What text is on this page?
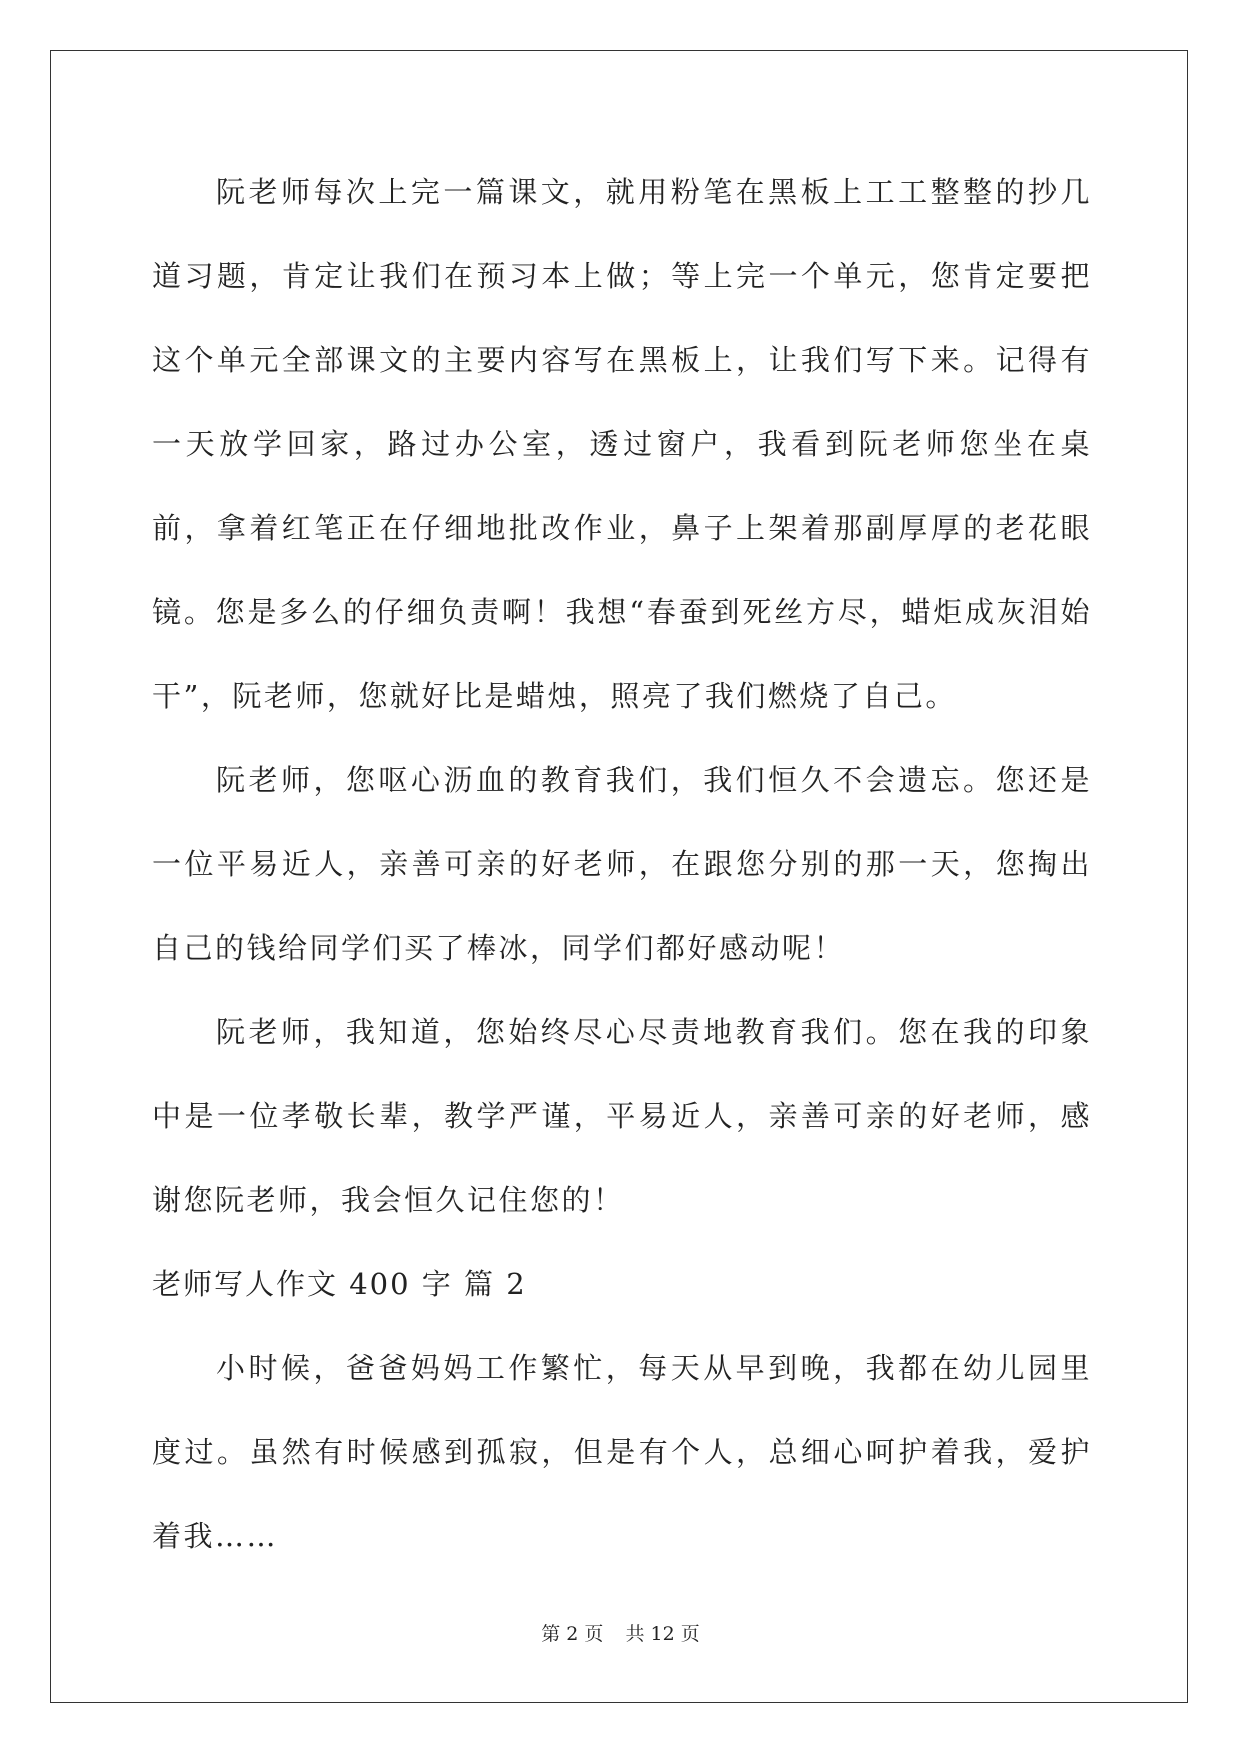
阮老师每次上完一篇课文，就用粉笔在黑板上工工整整的抄几道习题，肯定让我们在预习本上做；等上完一个单元，您肯定要把这个单元全部课文的主要内容写在黑板上，让我们写下来。记得有一天放学回家，路过办公室，透过窗户，我看到阮老师您坐在桌前，拿着红笔正在仔细地批改作业，鼻子上架着那副厚厚的老花眼镜。您是多么的仔细负责啊！我想“春蚕到死丝方尽，蜡炬成灰泪始干”，阮老师，您就好比是蜡烛，照亮了我们燃烧了自己。

阮老师，您呕心沥血的教育我们，我们恒久不会遗忘。您还是一位平易近人，亲善可亲的好老师，在跟您分别的那一天，您掏出自己的钱给同学们买了棒冰，同学们都好感动呢！

阮老师，我知道，您始终尽心尽责地教育我们。您在我的印象中是一位孝敬长辈，教学严谨，平易近人，亲善可亲的好老师，感谢您阮老师，我会恒久记住您的！

老师写人作文 400 字 篇 2

小时候，爸爸妈妈工作繁忙，每天从早到晚，我都在幼儿园里度过。虽然有时候感到孤寂，但是有个人，总细心呵护着我，爱护着我……

第 2 页 共 12 页
